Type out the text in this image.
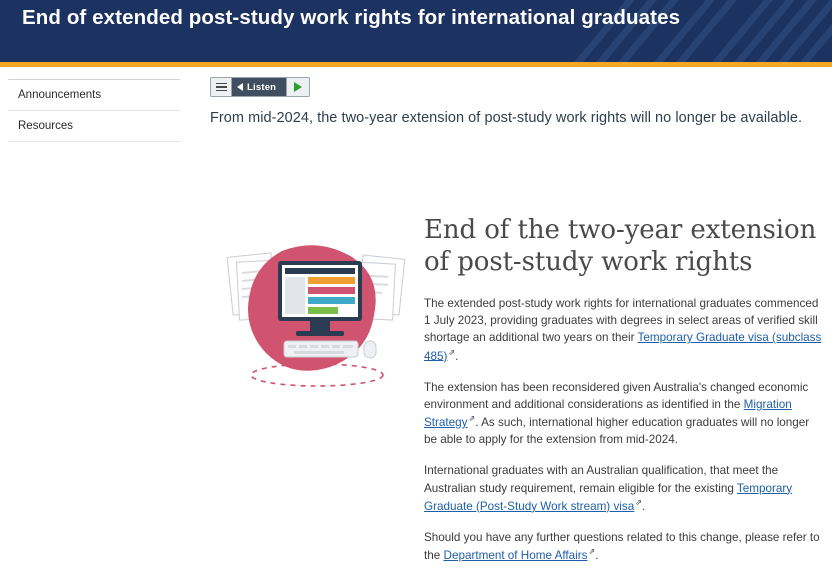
End of extended post-study work rights for international graduates
Announcements
Resources
Listen
From mid-2024, the two-year extension of post-study work rights will no longer be available.
End of the two-year extension of post-study work rights

The extended post-study work rights for international graduates commenced 1 July 2023, providing graduates with degrees in select areas of verified skill shortage an additional two years on their Temporary Graduate visa (subclass 485)⇗.

The extension has been reconsidered given Australia's changed economic environment and additional considerations as identified in the Migration Strategy⇗. As such, international higher education graduates will no longer be able to apply for the extension from mid-2024.

International graduates with an Australian qualification, that meet the Australian study requirement, remain eligible for the existing Temporary Graduate (Post-Study Work stream) visa⇗.

Should you have any further questions related to this change, please refer to the Department of Home Affairs⇗.
